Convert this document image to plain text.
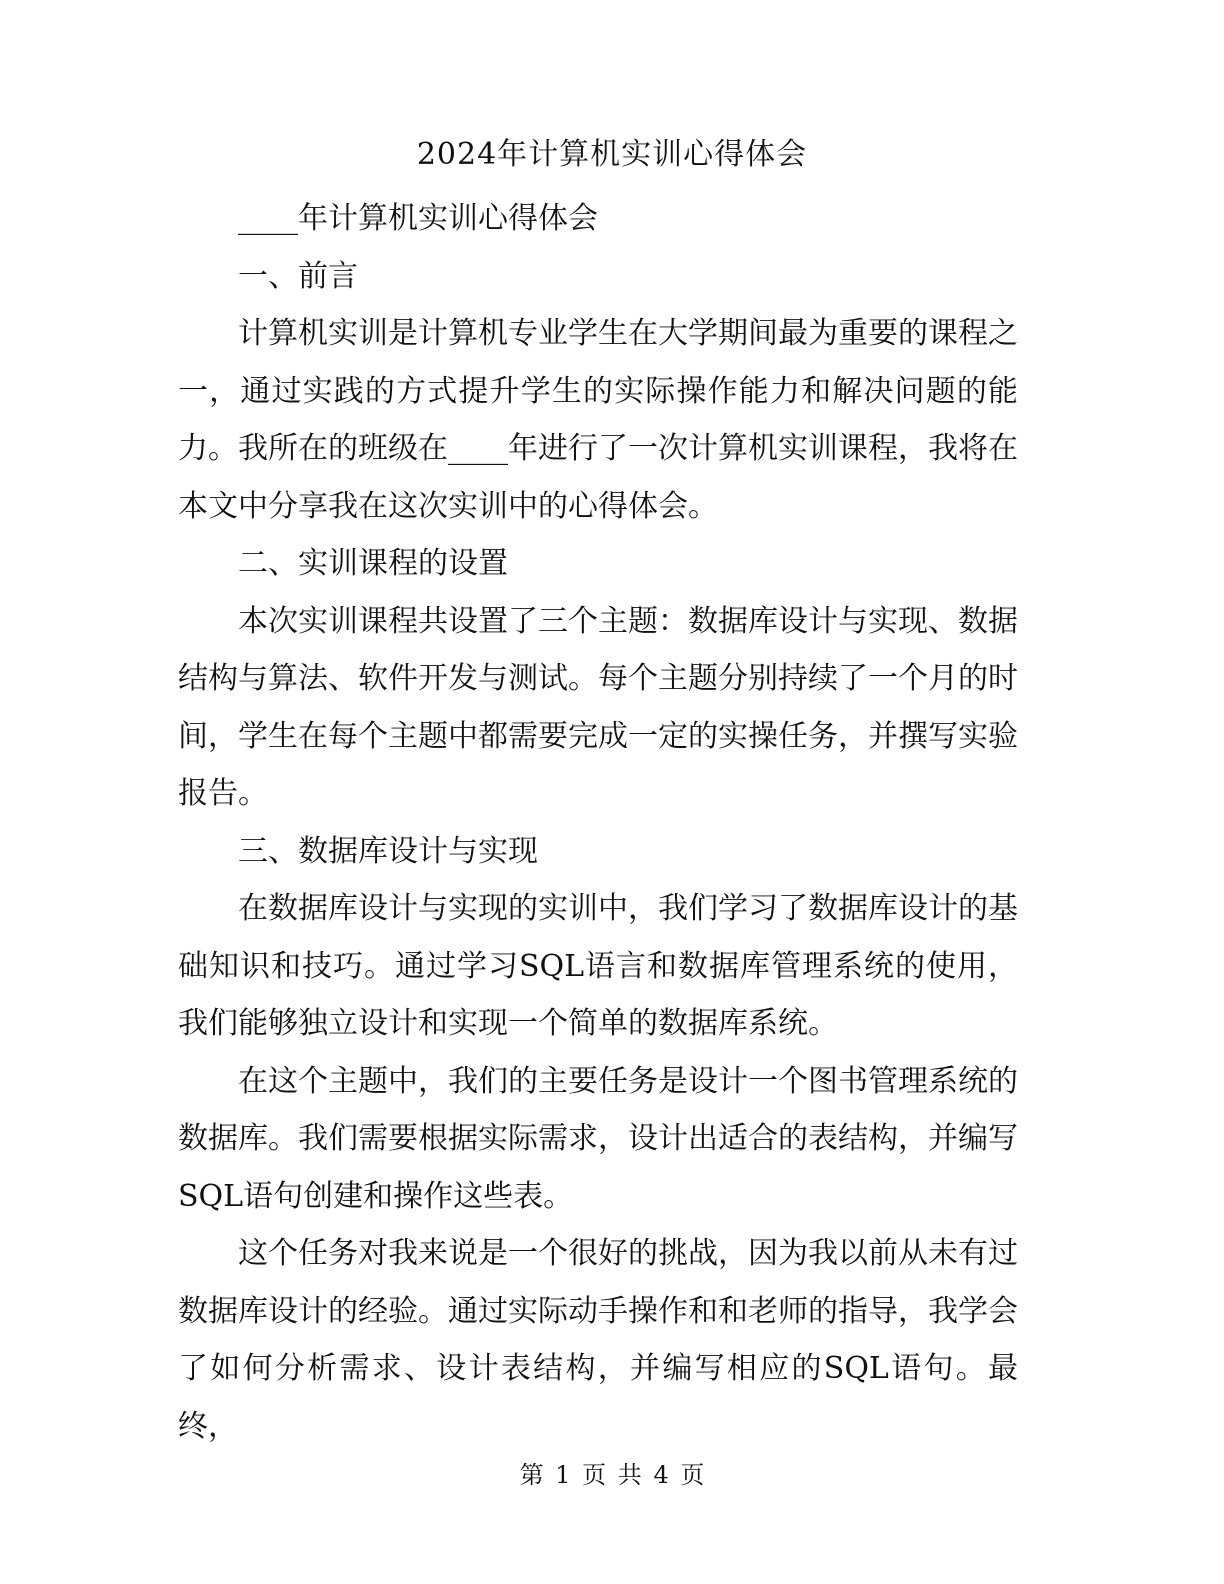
2024年计算机实训心得体会

____年计算机实训心得体会

一、前言

计算机实训是计算机专业学生在大学期间最为重要的课程之一，通过实践的方式提升学生的实际操作能力和解决问题的能力。我所在的班级在____年进行了一次计算机实训课程，我将在本文中分享我在这次实训中的心得体会。

二、实训课程的设置

本次实训课程共设置了三个主题：数据库设计与实现、数据结构与算法、软件开发与测试。每个主题分别持续了一个月的时间，学生在每个主题中都需要完成一定的实操任务，并撰写实验报告。

三、数据库设计与实现

在数据库设计与实现的实训中，我们学习了数据库设计的基础知识和技巧。通过学习SQL语言和数据库管理系统的使用，我们能够独立设计和实现一个简单的数据库系统。

在这个主题中，我们的主要任务是设计一个图书管理系统的数据库。我们需要根据实际需求，设计出适合的表结构，并编写SQL语句创建和操作这些表。

这个任务对我来说是一个很好的挑战，因为我以前从未有过数据库设计的经验。通过实际动手操作和和老师的指导，我学会了如何分析需求、设计表结构，并编写相应的SQL语句。最终，

第 1 页 共 4 页
